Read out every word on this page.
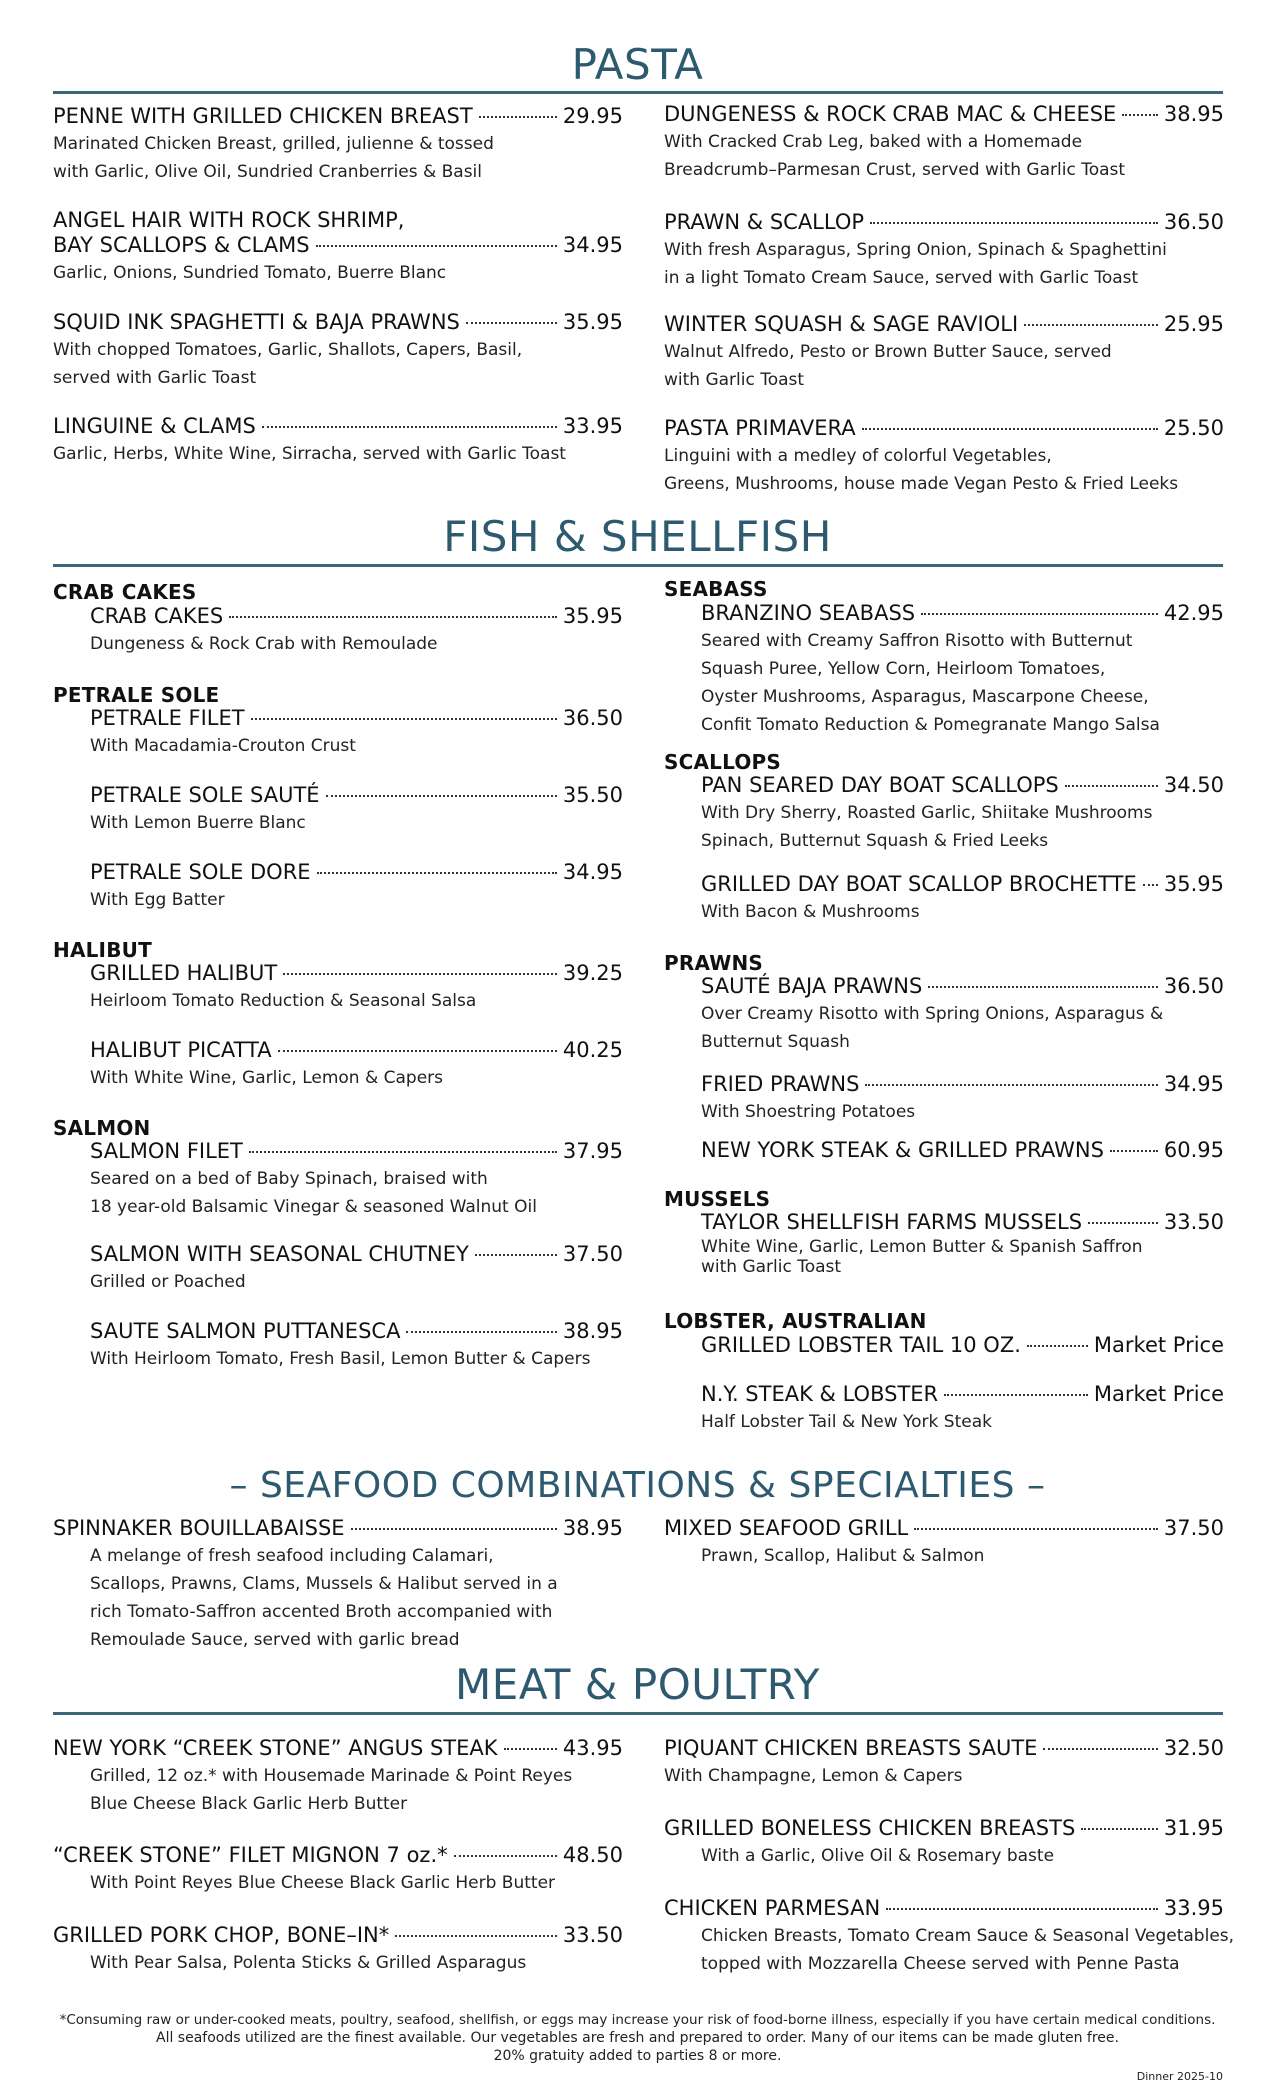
PASTA
PENNE WITH GRILLED CHICKEN BREAST	29.95
Marinated Chicken Breast, grilled, julienne & tossed
with Garlic, Olive Oil, Sundried Cranberries & Basil
ANGEL HAIR WITH ROCK SHRIMP,
BAY SCALLOPS & CLAMS	34.95
Garlic, Onions, Sundried Tomato, Buerre Blanc
SQUID INK SPAGHETTI & BAJA PRAWNS	35.95
With chopped Tomatoes, Garlic, Shallots, Capers, Basil,
served with Garlic Toast
LINGUINE & CLAMS	33.95
Garlic, Herbs, White Wine, Sirracha, served with Garlic Toast
DUNGENESS & ROCK CRAB MAC & CHEESE 38.95
With Cracked Crab Leg, baked with a Homemade
Breadcrumb–Parmesan Crust, served with Garlic Toast
PRAWN & SCALLOP	36.50
With fresh Asparagus, Spring Onion, Spinach & Spaghettini
in a light Tomato Cream Sauce, served with Garlic Toast
WINTER SQUASH & SAGE RAVIOLI	25.95
Walnut Alfredo, Pesto or Brown Butter Sauce, served
with Garlic Toast
PASTA PRIMAVERA	25.50
Linguini with a medley of colorful Vegetables,
Greens, Mushrooms, house made Vegan Pesto & Fried Leeks
FISH & SHELLFISH
CRAB CAKES
CRAB CAKES	35.95
Dungeness & Rock Crab with Remoulade
PETRALE SOLE
PETRALE FILET	36.50
With Macadamia-Crouton Crust
PETRALE SOLE SAUTÉ	35.50
With Lemon Buerre Blanc
PETRALE SOLE DORE	34.95
With Egg Batter
HALIBUT
GRILLED HALIBUT	39.25
Heirloom Tomato Reduction & Seasonal Salsa
HALIBUT PICATTA	40.25
With White Wine, Garlic, Lemon & Capers
SALMON
SALMON FILET	37.95
Seared on a bed of Baby Spinach, braised with
18 year-old Balsamic Vinegar & seasoned Walnut Oil
SALMON WITH SEASONAL CHUTNEY	37.50
Grilled or Poached
SAUTE SALMON PUTTANESCA	38.95
With Heirloom Tomato, Fresh Basil, Lemon Butter & Capers
SEABASS
BRANZINO SEABASS	42.95
Seared with Creamy Saffron Risotto with Butternut
Squash Puree, Yellow Corn, Heirloom Tomatoes,
Oyster Mushrooms, Asparagus, Mascarpone Cheese,
Confit Tomato Reduction & Pomegranate Mango Salsa
SCALLOPS
PAN SEARED DAY BOAT SCALLOPS	34.50
With Dry Sherry, Roasted Garlic, Shiitake Mushrooms
Spinach, Butternut Squash & Fried Leeks
GRILLED DAY BOAT SCALLOP BROCHETTE 35.95
With Bacon & Mushrooms
PRAWNS
SAUTÉ BAJA PRAWNS	36.50
Over Creamy Risotto with Spring Onions, Asparagus &
Butternut Squash
FRIED PRAWNS	34.95
With Shoestring Potatoes
NEW YORK STEAK & GRILLED PRAWNS	60.95
MUSSELS
TAYLOR SHELLFISH FARMS MUSSELS	33.50
White Wine, Garlic, Lemon Butter & Spanish Saffron
with Garlic Toast
LOBSTER, AUSTRALIAN
GRILLED LOBSTER TAIL 10 OZ.	Market Price
N.Y. STEAK & LOBSTER	Market Price
Half Lobster Tail & New York Steak
– SEAFOOD COMBINATIONS & SPECIALTIES –
SPINNAKER BOUILLABAISSE	38.95
A melange of fresh seafood including Calamari,
Scallops, Prawns, Clams, Mussels & Halibut served in a
rich Tomato-Saffron accented Broth accompanied with
Remoulade Sauce, served with garlic bread
MIXED SEAFOOD GRILL	37.50
Prawn, Scallop, Halibut & Salmon
MEAT & POULTRY
NEW YORK “CREEK STONE” ANGUS STEAK	43.95
Grilled, 12 oz.* with Housemade Marinade & Point Reyes
Blue Cheese Black Garlic Herb Butter
“CREEK STONE” FILET MIGNON 7 oz.*	48.50
With Point Reyes Blue Cheese Black Garlic Herb Butter
GRILLED PORK CHOP, BONE–IN*	33.50
With Pear Salsa, Polenta Sticks & Grilled Asparagus
PIQUANT CHICKEN BREASTS SAUTE	32.50
With Champagne, Lemon & Capers
GRILLED BONELESS CHICKEN BREASTS	31.95
With a Garlic, Olive Oil & Rosemary baste
CHICKEN PARMESAN	33.95
Chicken Breasts, Tomato Cream Sauce & Seasonal Vegetables,
topped with Mozzarella Cheese served with Penne Pasta
*Consuming raw or under-cooked meats, poultry, seafood, shellfish, or eggs may increase your risk of food-borne illness, especially if you have certain medical conditions.
All seafoods utilized are the finest available. Our vegetables are fresh and prepared to order. Many of our items can be made gluten free.
20% gratuity added to parties 8 or more.
Dinner 2025-10
